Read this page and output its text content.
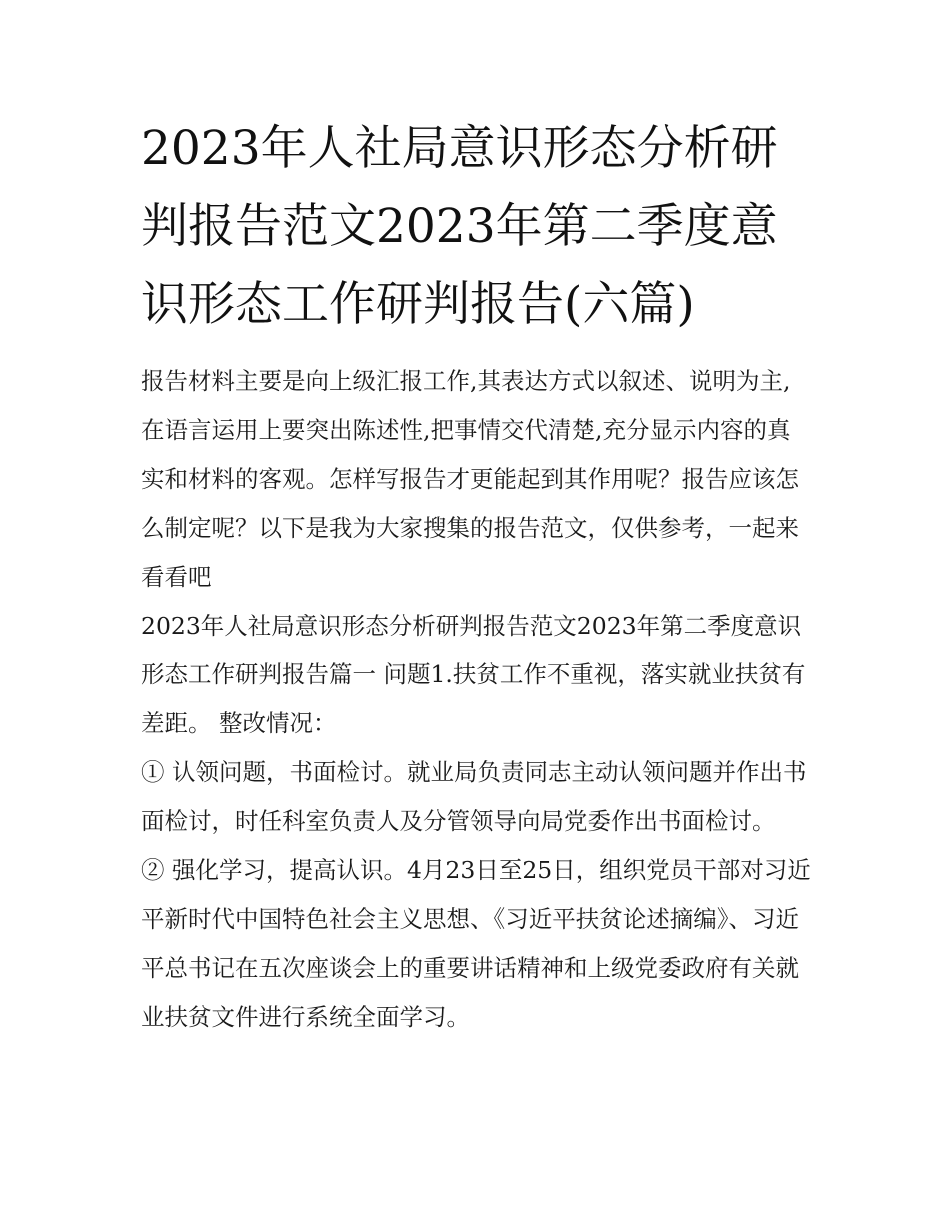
2023年人社局意识形态分析研判报告范文2023年第二季度意识形态工作研判报告(六篇)

报告材料主要是向上级汇报工作,其表达方式以叙述、说明为主,在语言运用上要突出陈述性,把事情交代清楚,充分显示内容的真实和材料的客观。怎样写报告才更能起到其作用呢？报告应该怎么制定呢？以下是我为大家搜集的报告范文，仅供参考，一起来看看吧

2023年人社局意识形态分析研判报告范文2023年第二季度意识形态工作研判报告篇一 问题1.扶贫工作不重视，落实就业扶贫有差距。 整改情况：

① 认领问题，书面检讨。就业局负责同志主动认领问题并作出书面检讨，时任科室负责人及分管领导向局党委作出书面检讨。

② 强化学习，提高认识。4月23日至25日，组织党员干部对习近平新时代中国特色社会主义思想、《习近平扶贫论述摘编》、习近平总书记在五次座谈会上的重要讲话精神和上级党委政府有关就业扶贫文件进行系统全面学习。
